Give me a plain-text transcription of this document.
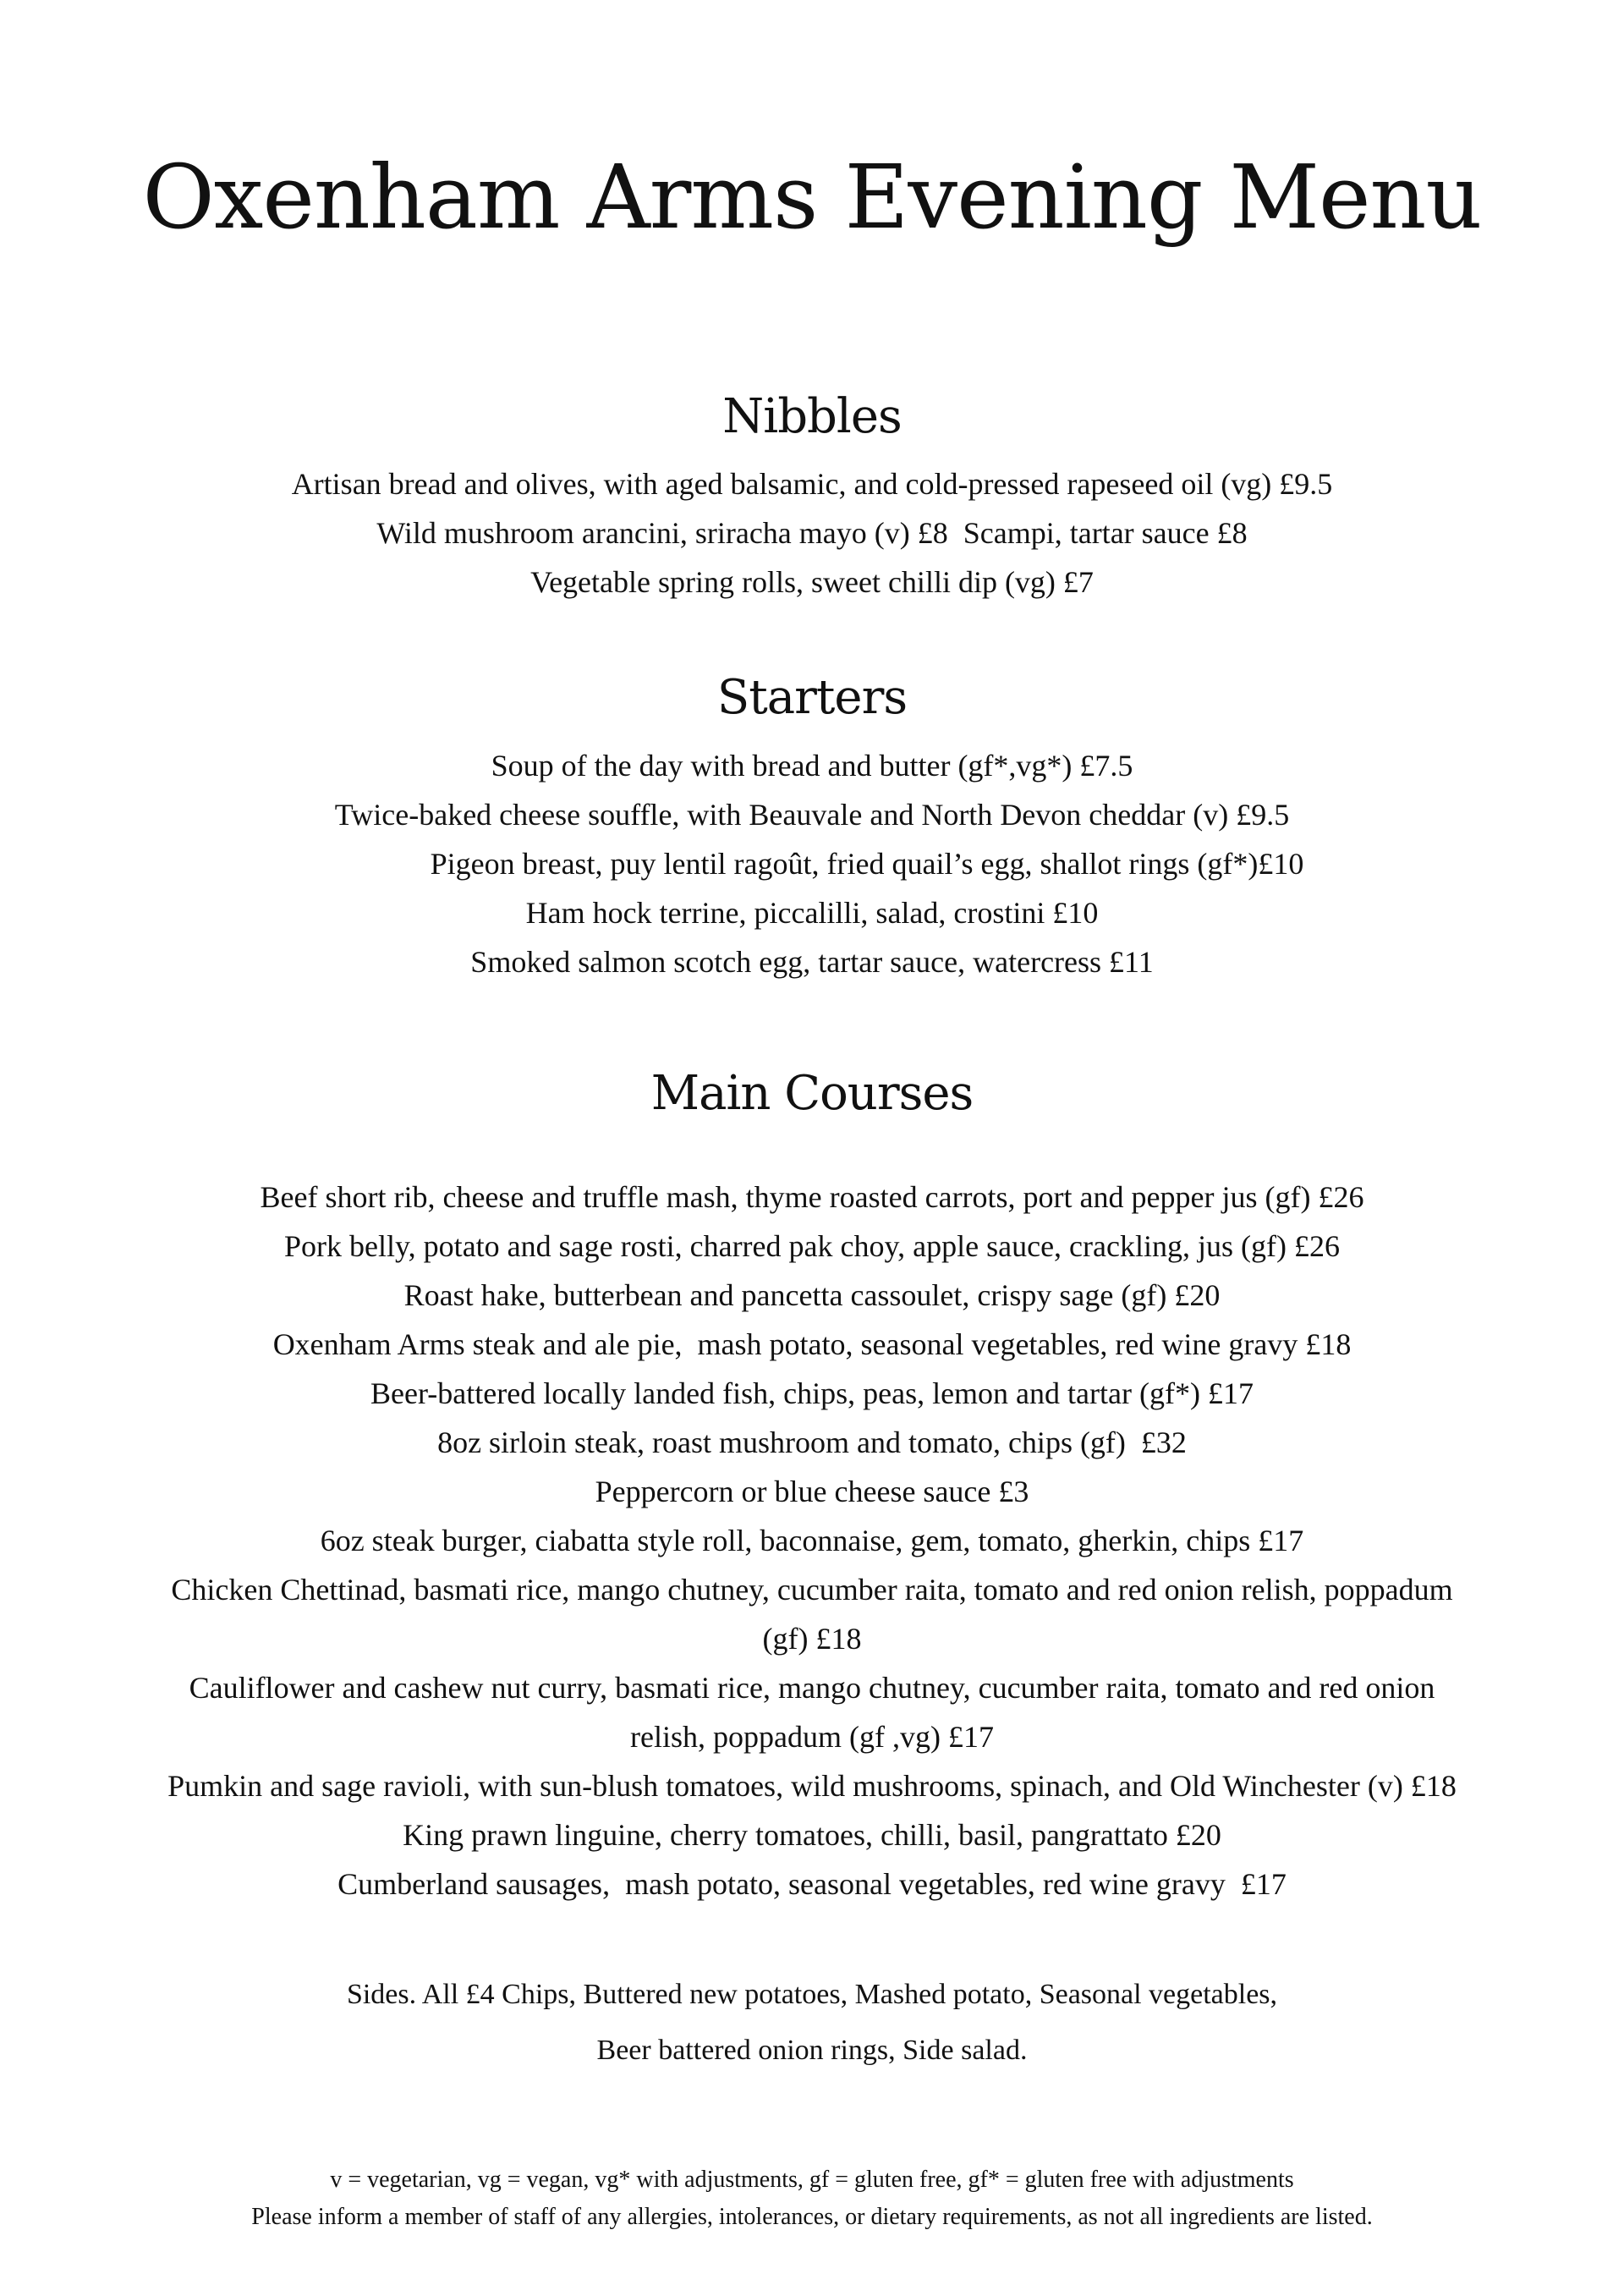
Oxenham Arms Evening Menu
Nibbles
Artisan bread and olives, with aged balsamic, and cold-pressed rapeseed oil (vg) £9.5
Wild mushroom arancini, sriracha mayo (v) £8  Scampi, tartar sauce £8
Vegetable spring rolls, sweet chilli dip (vg) £7
Starters
Soup of the day with bread and butter (gf*,vg*) £7.5
Twice-baked cheese souffle, with Beauvale and North Devon cheddar (v) £9.5
Pigeon breast, puy lentil ragoût, fried quail’s egg, shallot rings (gf*)£10
Ham hock terrine, piccalilli, salad, crostini £10
Smoked salmon scotch egg, tartar sauce, watercress £11
Main Courses
Beef short rib, cheese and truffle mash, thyme roasted carrots, port and pepper jus (gf) £26
Pork belly, potato and sage rosti, charred pak choy, apple sauce, crackling, jus (gf) £26
Roast hake, butterbean and pancetta cassoulet, crispy sage (gf) £20
Oxenham Arms steak and ale pie,  mash potato, seasonal vegetables, red wine gravy £18
Beer-battered locally landed fish, chips, peas, lemon and tartar (gf*) £17
8oz sirloin steak, roast mushroom and tomato, chips (gf)  £32
Peppercorn or blue cheese sauce £3
6oz steak burger, ciabatta style roll, baconnaise, gem, tomato, gherkin, chips £17
Chicken Chettinad, basmati rice, mango chutney, cucumber raita, tomato and red onion relish, poppadum
(gf) £18
Cauliflower and cashew nut curry, basmati rice, mango chutney, cucumber raita, tomato and red onion
relish, poppadum (gf ,vg) £17
Pumkin and sage ravioli, with sun-blush tomatoes, wild mushrooms, spinach, and Old Winchester (v) £18
King prawn linguine, cherry tomatoes, chilli, basil, pangrattato £20
Cumberland sausages,  mash potato, seasonal vegetables, red wine gravy  £17
Sides. All £4 Chips, Buttered new potatoes, Mashed potato, Seasonal vegetables,
Beer battered onion rings, Side salad.
v = vegetarian, vg = vegan, vg* with adjustments, gf = gluten free, gf* = gluten free with adjustments
Please inform a member of staff of any allergies, intolerances, or dietary requirements, as not all ingredients are listed.
